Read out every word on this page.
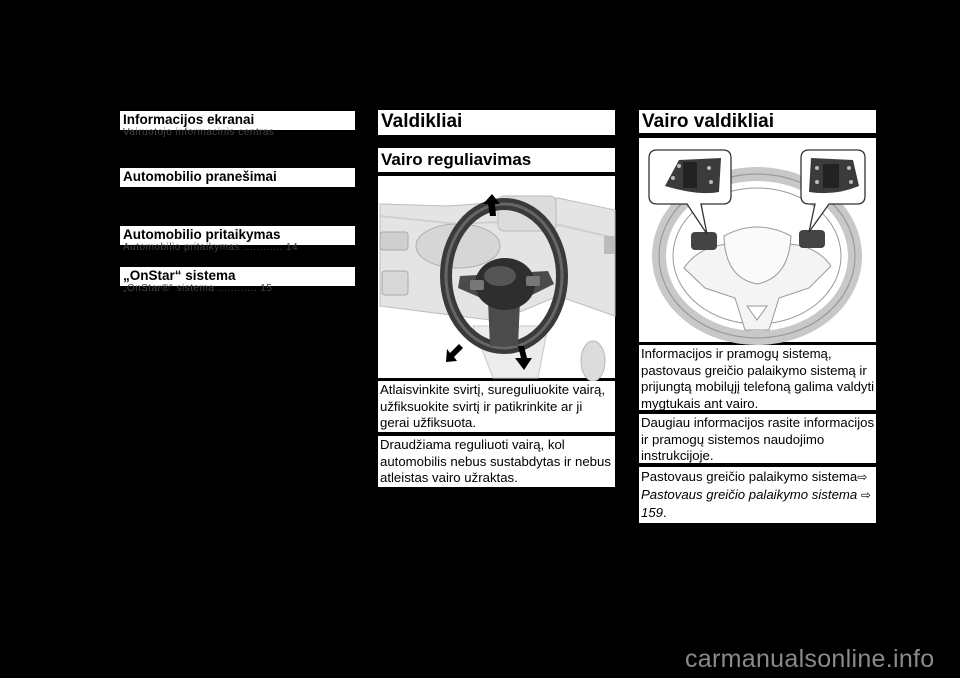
Informacijos ekranai
Vairuotojo informacinis centras
Automobilio pranešimai
Automobilio pritaikymas
Automobilio pritaikymas ............ 14
„OnStar“ sistema
„OnStar®“ sistema ............ 15
Valdikliai
Vairo reguliavimas
Atlaisvinkite svirtį, sureguliuokite vairą, užfiksuokite svirtį ir patikrinkite ar ji gerai užfiksuota.
Draudžiama reguliuoti vairą, kol automobilis nebus sustabdytas ir nebus atleistas vairo užraktas.
Vairo valdikliai
Informacijos ir pramogų sistemą, pastovaus greičio palaikymo sistemą ir prijungtą mobilųjį telefoną galima valdyti mygtukais ant vairo.
Daugiau informacijos rasite informacijos ir pramogų sistemos naudojimo instrukcijoje.
Pastovaus greičio palaikymo sistema⇨   Pastovaus greičio palaikymo sistema ⇨ 159.
carmanualsonline.info
